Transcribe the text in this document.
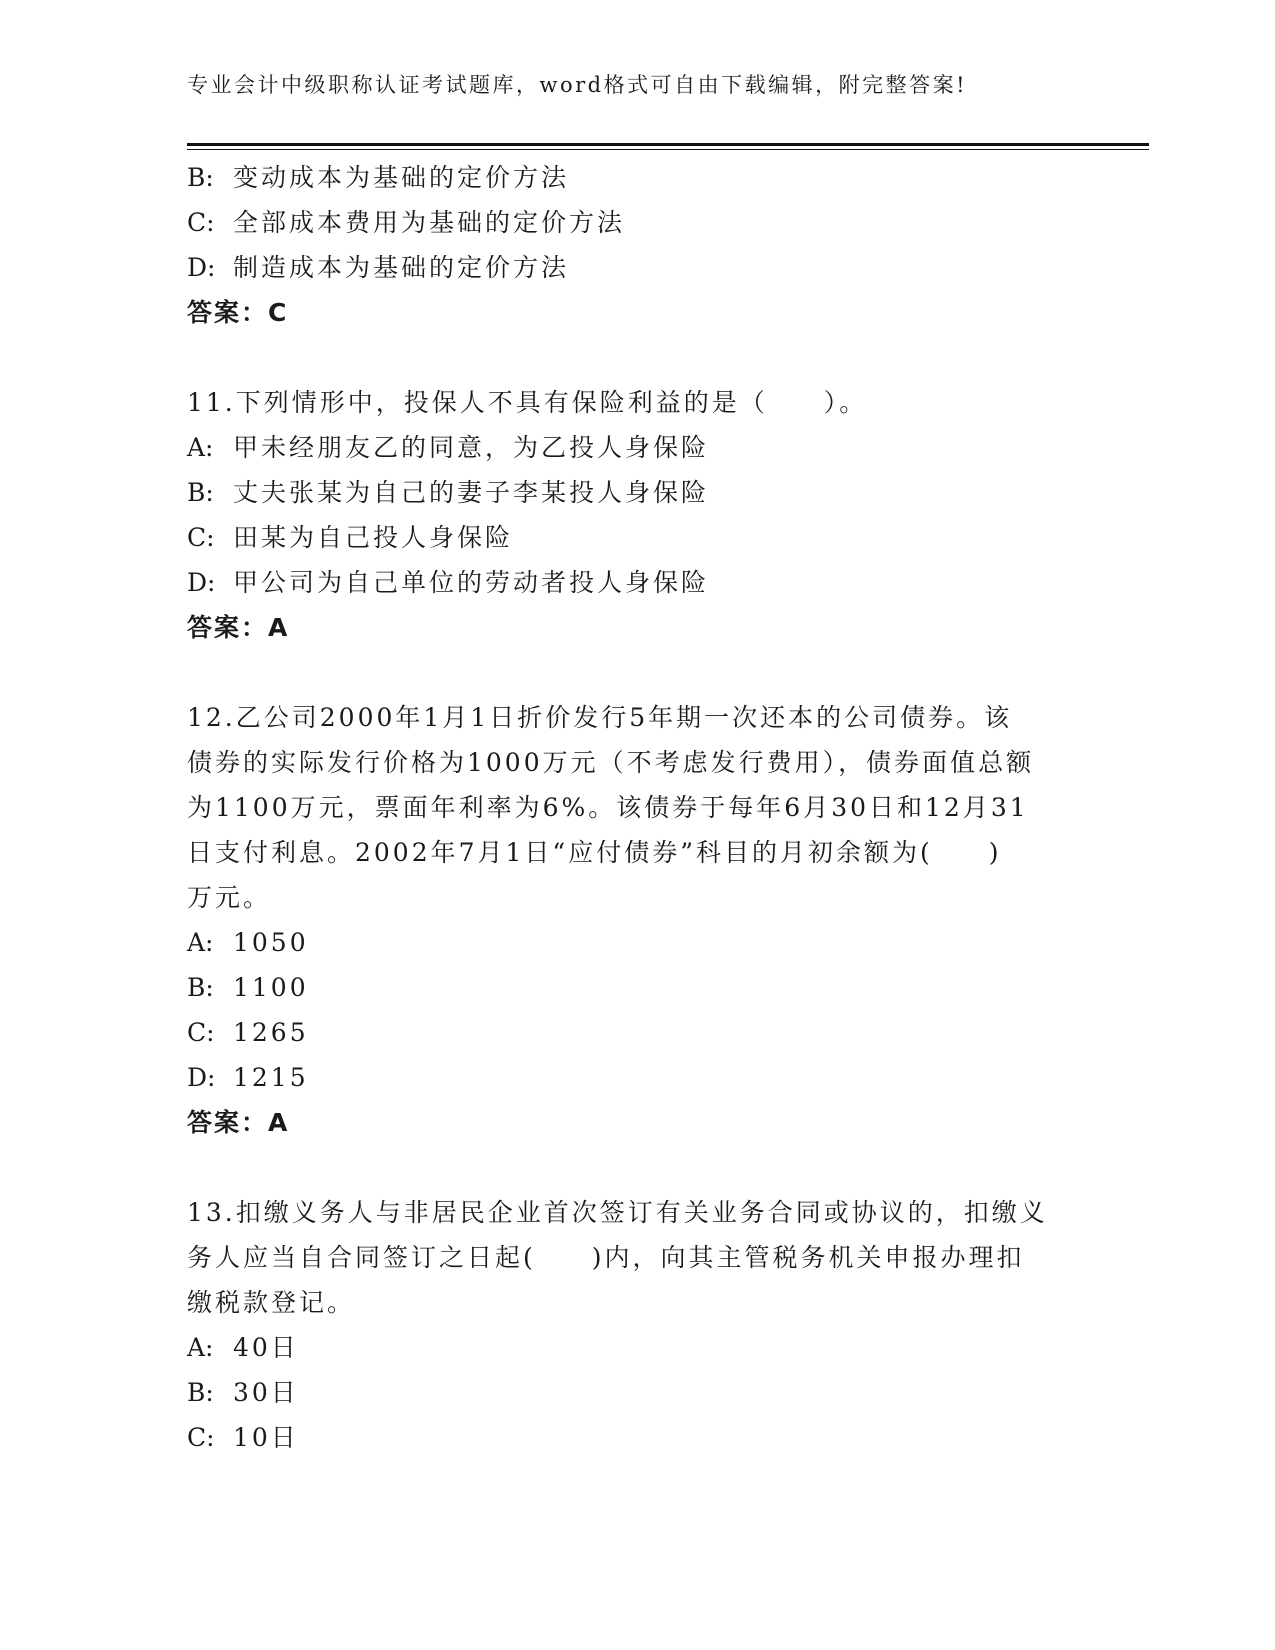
专业会计中级职称认证考试题库，word格式可自由下载编辑，附完整答案!
B: 变动成本为基础的定价方法
C: 全部成本费用为基础的定价方法
D: 制造成本为基础的定价方法
答案：C
11.下列情形中，投保人不具有保险利益的是（　　）。
A: 甲未经朋友乙的同意，为乙投人身保险
B: 丈夫张某为自己的妻子李某投人身保险
C: 田某为自己投人身保险
D: 甲公司为自己单位的劳动者投人身保险
答案：A
12.乙公司2000年1月1日折价发行5年期一次还本的公司债券。该
债券的实际发行价格为1000万元（不考虑发行费用），债券面值总额
为1100万元，票面年利率为6%。该债券于每年6月30日和12月31
日支付利息。2002年7月1日“应付债券”科目的月初余额为(　　)
万元。
A: 1050
B: 1100
C: 1265
D: 1215
答案：A
13.扣缴义务人与非居民企业首次签订有关业务合同或协议的，扣缴义
务人应当自合同签订之日起(　　)内，向其主管税务机关申报办理扣
缴税款登记。
A: 40日
B: 30日
C: 10日
